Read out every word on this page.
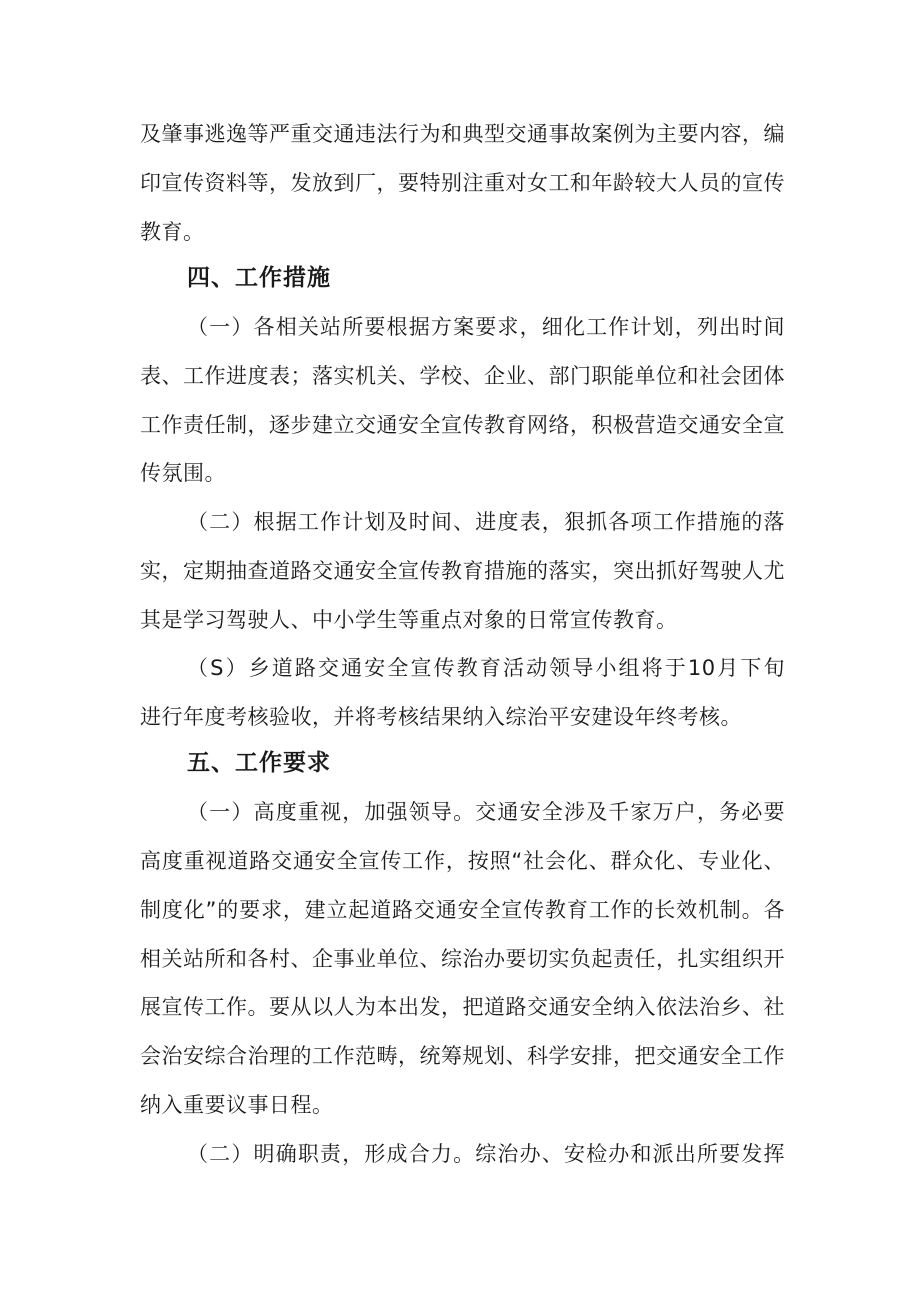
及肇事逃逸等严重交通违法行为和典型交通事故案例为主要内容，编
印宣传资料等，发放到厂，要特别注重对女工和年龄较大人员的宣传
教育。
四、工作措施
（一）各相关站所要根据方案要求，细化工作计划，列出时间
表、工作进度表；落实机关、学校、企业、部门职能单位和社会团体
工作责任制，逐步建立交通安全宣传教育网络，积极营造交通安全宣
传氛围。
（二）根据工作计划及时间、进度表，狠抓各项工作措施的落
实，定期抽查道路交通安全宣传教育措施的落实，突出抓好驾驶人尤
其是学习驾驶人、中小学生等重点对象的日常宣传教育。
（S）乡道路交通安全宣传教育活动领导小组将于10月下旬
进行年度考核验收，并将考核结果纳入综治平安建设年终考核。
五、工作要求
（一）高度重视，加强领导。交通安全涉及千家万户，务必要
高度重视道路交通安全宣传工作，按照“社会化、群众化、专业化、
制度化”的要求，建立起道路交通安全宣传教育工作的长效机制。各
相关站所和各村、企事业单位、综治办要切实负起责任，扎实组织开
展宣传工作。要从以人为本出发，把道路交通安全纳入依法治乡、社
会治安综合治理的工作范畴，统筹规划、科学安排，把交通安全工作
纳入重要议事日程。
（二）明确职责，形成合力。综治办、安检办和派出所要发挥
